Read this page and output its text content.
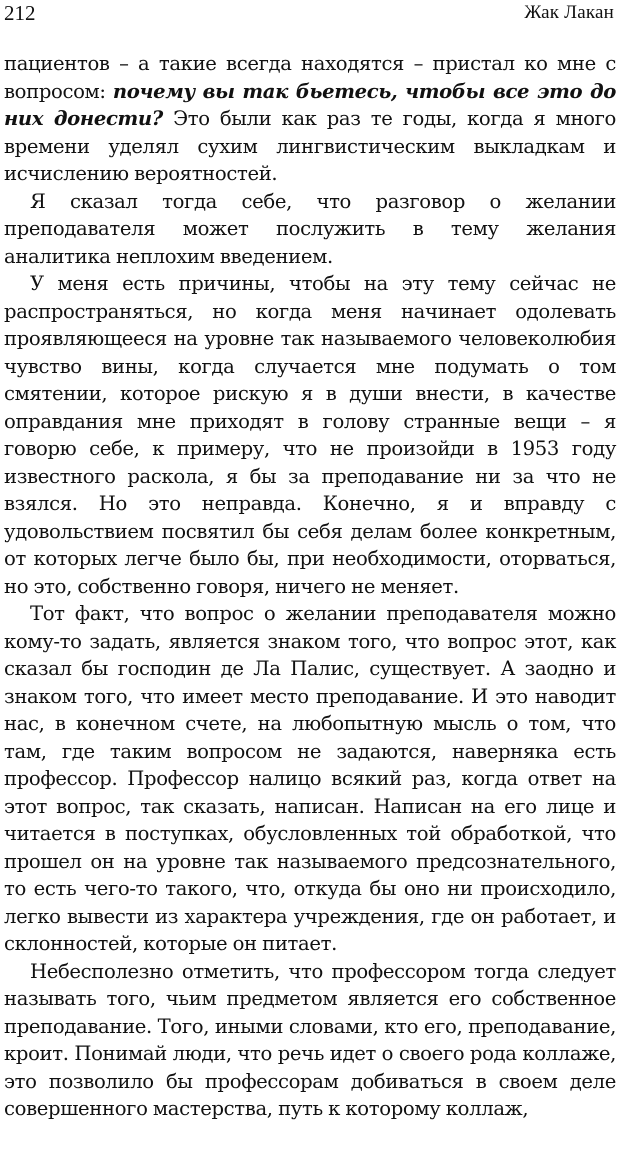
212	Жак Лакан

пациентов – а такие всегда находятся – пристал ко мне с вопросом: почему вы так бьетесь, чтобы все это до них донести? Это были как раз те годы, когда я много времени уделял сухим лингвистическим выкладкам и исчислению вероятностей.

Я сказал тогда себе, что разговор о желании преподавателя может послужить в тему желания аналитика неплохим введением.

У меня есть причины, чтобы на эту тему сейчас не распространяться, но когда меня начинает одолевать проявляющееся на уровне так называемого человеколюбия чувство вины, когда случается мне подумать о том смятении, которое рискую я в души внести, в качестве оправдания мне приходят в голову странные вещи – я говорю себе, к примеру, что не произойди в 1953 году известного раскола, я бы за преподавание ни за что не взялся. Но это неправда. Конечно, я и вправду с удовольствием посвятил бы себя делам более конкретным, от которых легче было бы, при необходимости, оторваться, но это, собственно говоря, ничего не меняет.

Тот факт, что вопрос о желании преподавателя можно кому-то задать, является знаком того, что вопрос этот, как сказал бы господин де Ла Палис, существует. А заодно и знаком того, что имеет место преподавание. И это наводит нас, в конечном счете, на любопытную мысль о том, что там, где таким вопросом не задаются, наверняка есть профессор. Профессор налицо всякий раз, когда ответ на этот вопрос, так сказать, написан. Написан на его лице и читается в поступках, обусловленных той обработкой, что прошел он на уровне так называемого предсознательного, то есть чего-то такого, что, откуда бы оно ни происходило, легко вывести из характера учреждения, где он работает, и склонностей, которые он питает.

Небесполезно отметить, что профессором тогда следует называть того, чьим предметом является его собственное преподавание. Того, иными словами, кто его, преподавание, кроит. Понимай люди, что речь идет о своего рода коллаже, это позволило бы профессорам добиваться в своем деле совершенного мастерства, путь к которому коллаж,
